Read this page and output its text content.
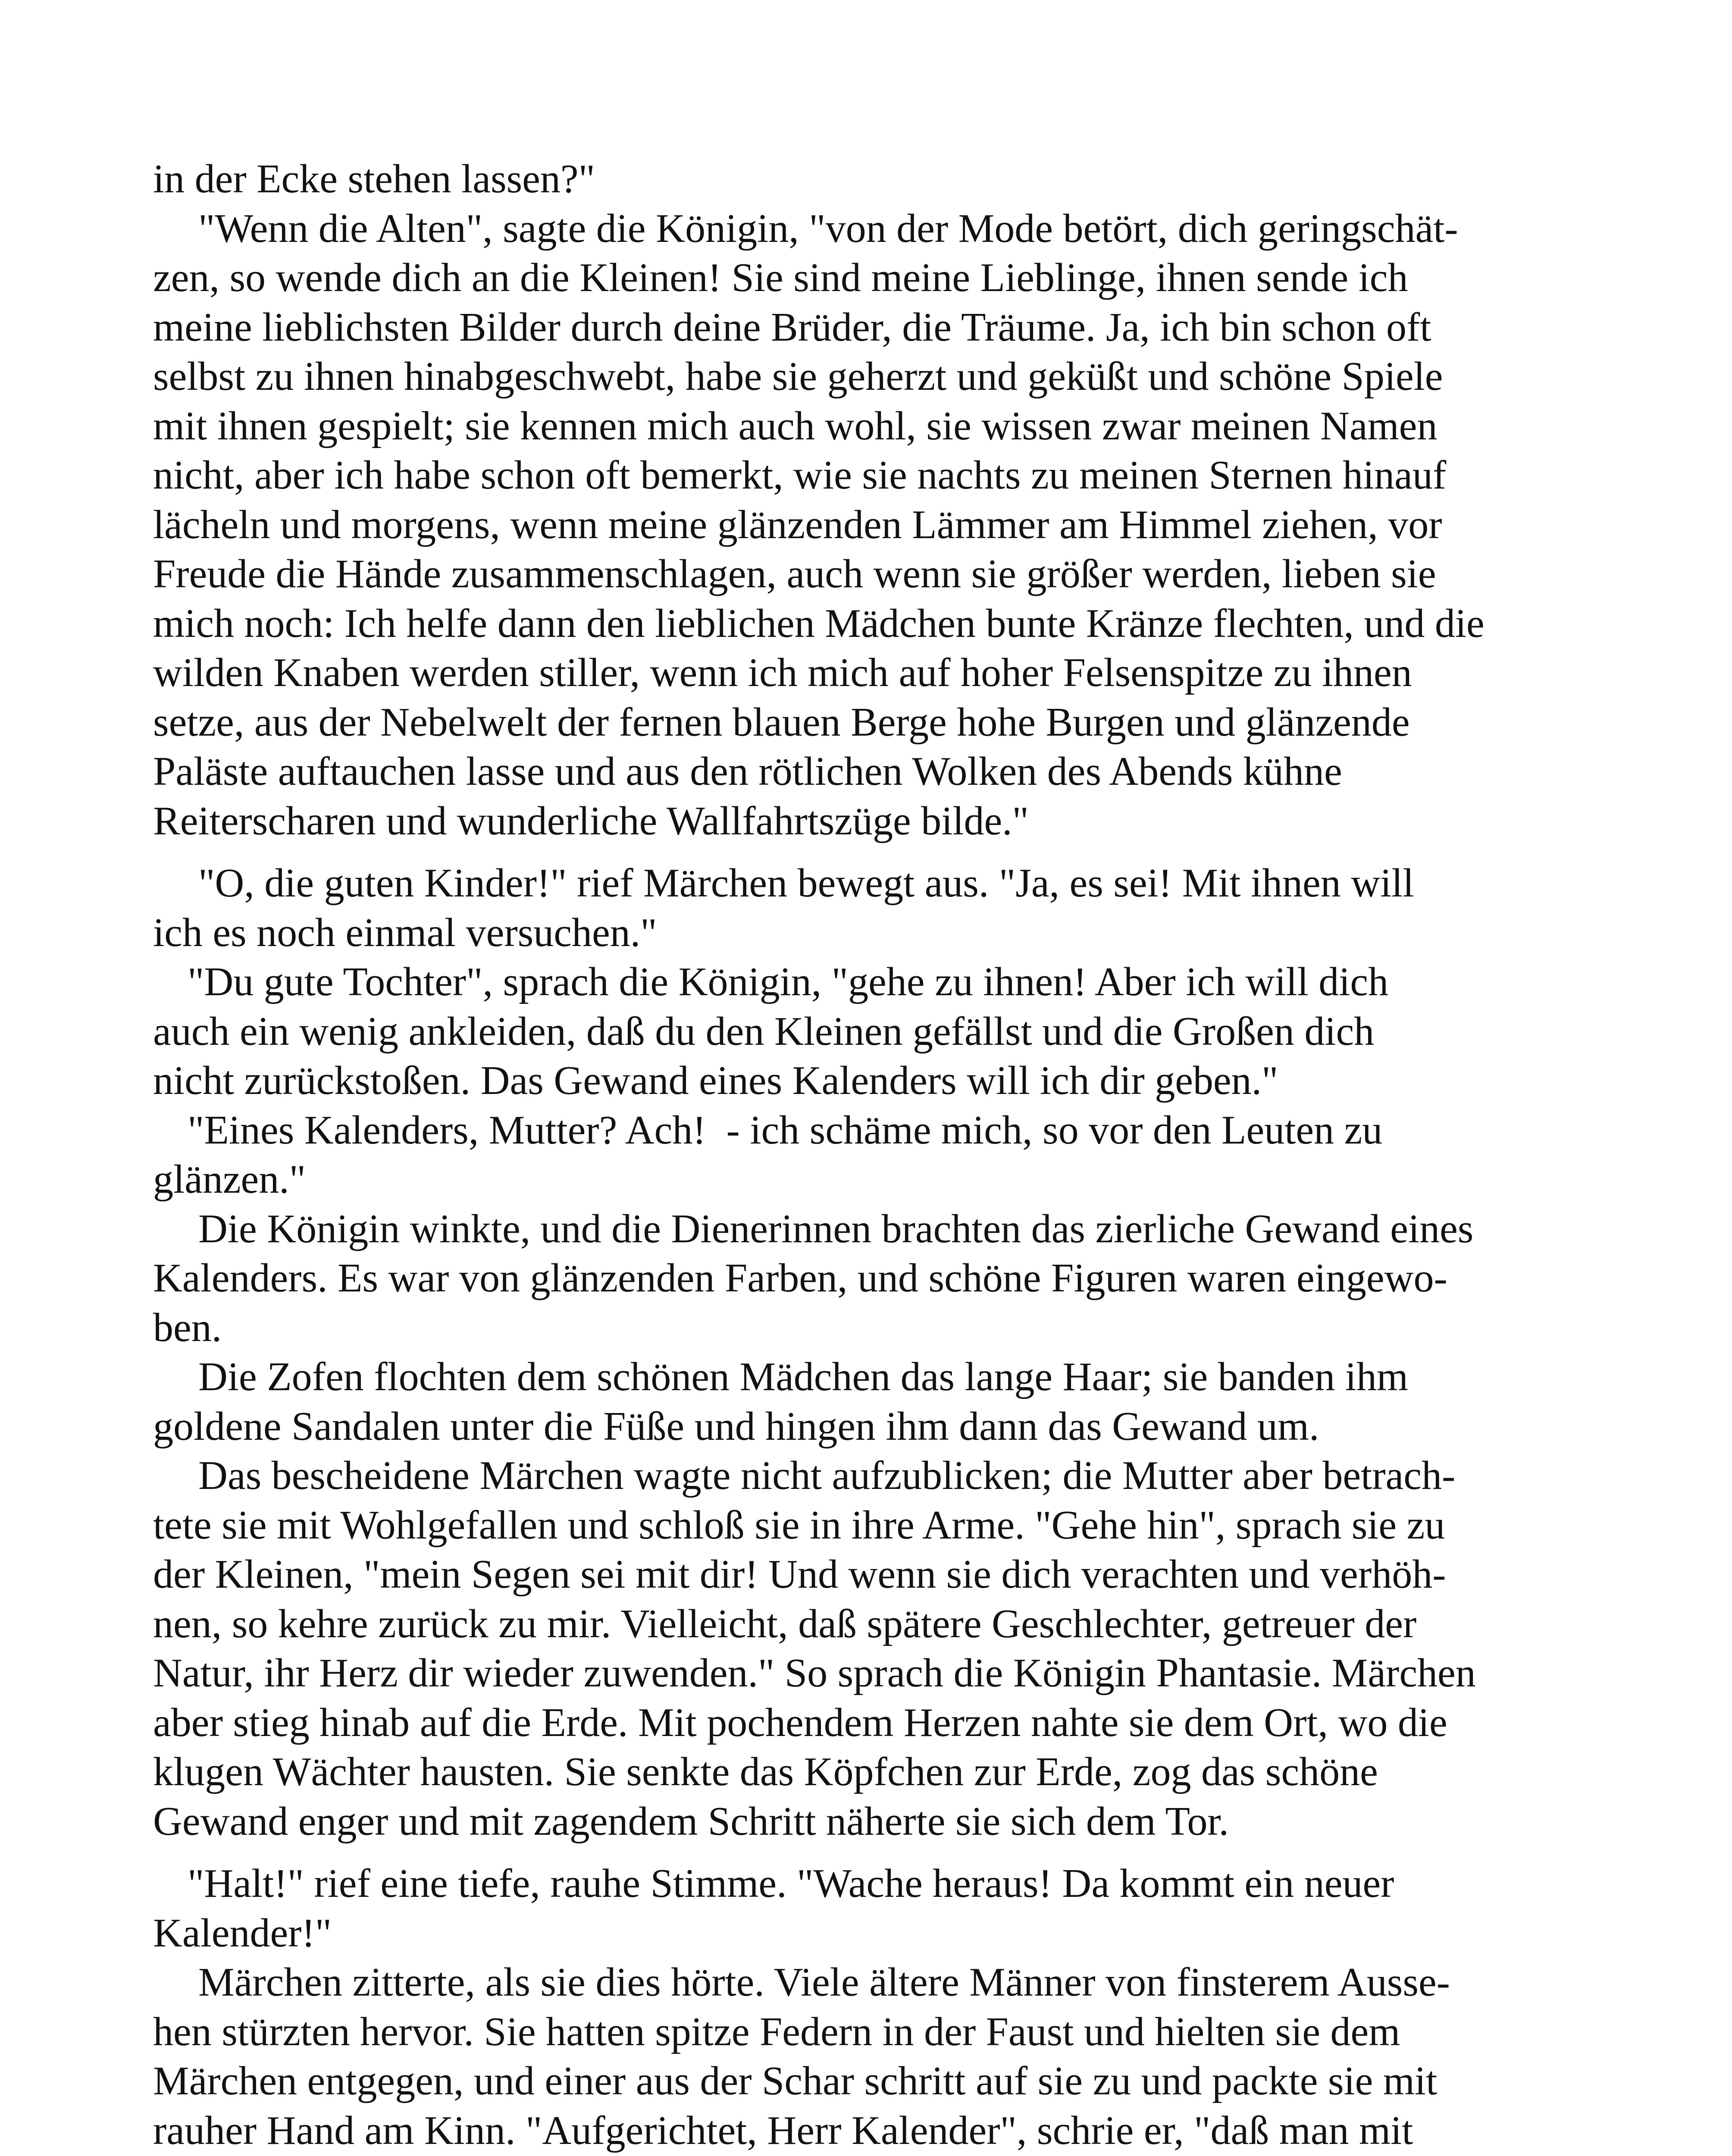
in der Ecke stehen lassen?"
"Wenn die Alten", sagte die Königin, "von der Mode betört, dich geringschät-
zen, so wende dich an die Kleinen! Sie sind meine Lieblinge, ihnen sende ich
meine lieblichsten Bilder durch deine Brüder, die Träume. Ja, ich bin schon oft
selbst zu ihnen hinabgeschwebt, habe sie geherzt und geküßt und schöne Spiele
mit ihnen gespielt; sie kennen mich auch wohl, sie wissen zwar meinen Namen
nicht, aber ich habe schon oft bemerkt, wie sie nachts zu meinen Sternen hinauf
lächeln und morgens, wenn meine glänzenden Lämmer am Himmel ziehen, vor
Freude die Hände zusammenschlagen, auch wenn sie größer werden, lieben sie
mich noch: Ich helfe dann den lieblichen Mädchen bunte Kränze flechten, und die
wilden Knaben werden stiller, wenn ich mich auf hoher Felsenspitze zu ihnen
setze, aus der Nebelwelt der fernen blauen Berge hohe Burgen und glänzende
Paläste auftauchen lasse und aus den rötlichen Wolken des Abends kühne
Reiterscharen und wunderliche Wallfahrtszüge bilde."
"O, die guten Kinder!" rief Märchen bewegt aus. "Ja, es sei! Mit ihnen will
ich es noch einmal versuchen."
"Du gute Tochter", sprach die Königin, "gehe zu ihnen! Aber ich will dich
auch ein wenig ankleiden, daß du den Kleinen gefällst und die Großen dich
nicht zurückstoßen. Das Gewand eines Kalenders will ich dir geben."
"Eines Kalenders, Mutter? Ach!  - ich schäme mich, so vor den Leuten zu
glänzen."
Die Königin winkte, und die Dienerinnen brachten das zierliche Gewand eines
Kalenders. Es war von glänzenden Farben, und schöne Figuren waren eingewo-
ben.
Die Zofen flochten dem schönen Mädchen das lange Haar; sie banden ihm
goldene Sandalen unter die Füße und hingen ihm dann das Gewand um.
Das bescheidene Märchen wagte nicht aufzublicken; die Mutter aber betrach-
tete sie mit Wohlgefallen und schloß sie in ihre Arme. "Gehe hin", sprach sie zu
der Kleinen, "mein Segen sei mit dir! Und wenn sie dich verachten und verhöh-
nen, so kehre zurück zu mir. Vielleicht, daß spätere Geschlechter, getreuer der
Natur, ihr Herz dir wieder zuwenden." So sprach die Königin Phantasie. Märchen
aber stieg hinab auf die Erde. Mit pochendem Herzen nahte sie dem Ort, wo die
klugen Wächter hausten. Sie senkte das Köpfchen zur Erde, zog das schöne
Gewand enger und mit zagendem Schritt näherte sie sich dem Tor.
"Halt!" rief eine tiefe, rauhe Stimme. "Wache heraus! Da kommt ein neuer
Kalender!"
Märchen zitterte, als sie dies hörte. Viele ältere Männer von finsterem Ausse-
hen stürzten hervor. Sie hatten spitze Federn in der Faust und hielten sie dem
Märchen entgegen, und einer aus der Schar schritt auf sie zu und packte sie mit
rauher Hand am Kinn. "Aufgerichtet, Herr Kalender", schrie er, "daß man mit
